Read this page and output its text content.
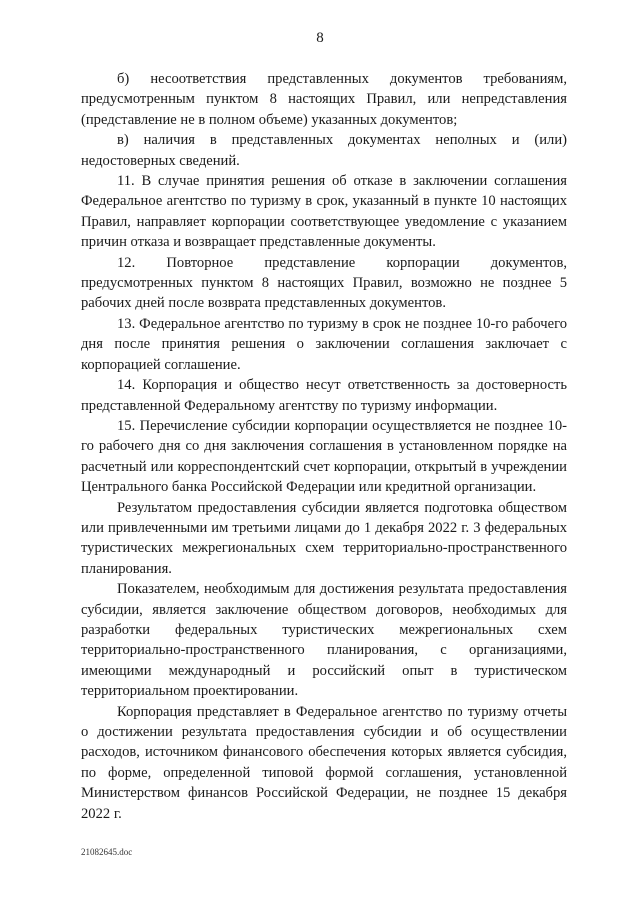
8

б) несоответствия представленных документов требованиям, предусмотренным пунктом 8 настоящих Правил, или непредставления (представление не в полном объеме) указанных документов;

в) наличия в представленных документах неполных и (или) недостоверных сведений.

11. В случае принятия решения об отказе в заключении соглашения Федеральное агентство по туризму в срок, указанный в пункте 10 настоящих Правил, направляет корпорации соответствующее уведомление с указанием причин отказа и возвращает представленные документы.

12. Повторное представление корпорации документов, предусмотренных пунктом 8 настоящих Правил, возможно не позднее 5 рабочих дней после возврата представленных документов.

13. Федеральное агентство по туризму в срок не позднее 10-го рабочего дня после принятия решения о заключении соглашения заключает с корпорацией соглашение.

14. Корпорация и общество несут ответственность за достоверность представленной Федеральному агентству по туризму информации.

15. Перечисление субсидии корпорации осуществляется не позднее 10-го рабочего дня со дня заключения соглашения в установленном порядке на расчетный или корреспондентский счет корпорации, открытый в учреждении Центрального банка Российской Федерации или кредитной организации.

Результатом предоставления субсидии является подготовка обществом или привлеченными им третьими лицами до 1 декабря 2022 г. 3 федеральных туристических межрегиональных схем территориально-пространственного планирования.

Показателем, необходимым для достижения результата предоставления субсидии, является заключение обществом договоров, необходимых для разработки федеральных туристических межрегиональных схем территориально-пространственного планирования, с организациями, имеющими международный и российский опыт в туристическом территориальном проектировании.

Корпорация представляет в Федеральное агентство по туризму отчеты о достижении результата предоставления субсидии и об осуществлении расходов, источником финансового обеспечения которых является субсидия, по форме, определенной типовой формой соглашения, установленной Министерством финансов Российской Федерации, не позднее 15 декабря 2022 г.

21082645.doc
